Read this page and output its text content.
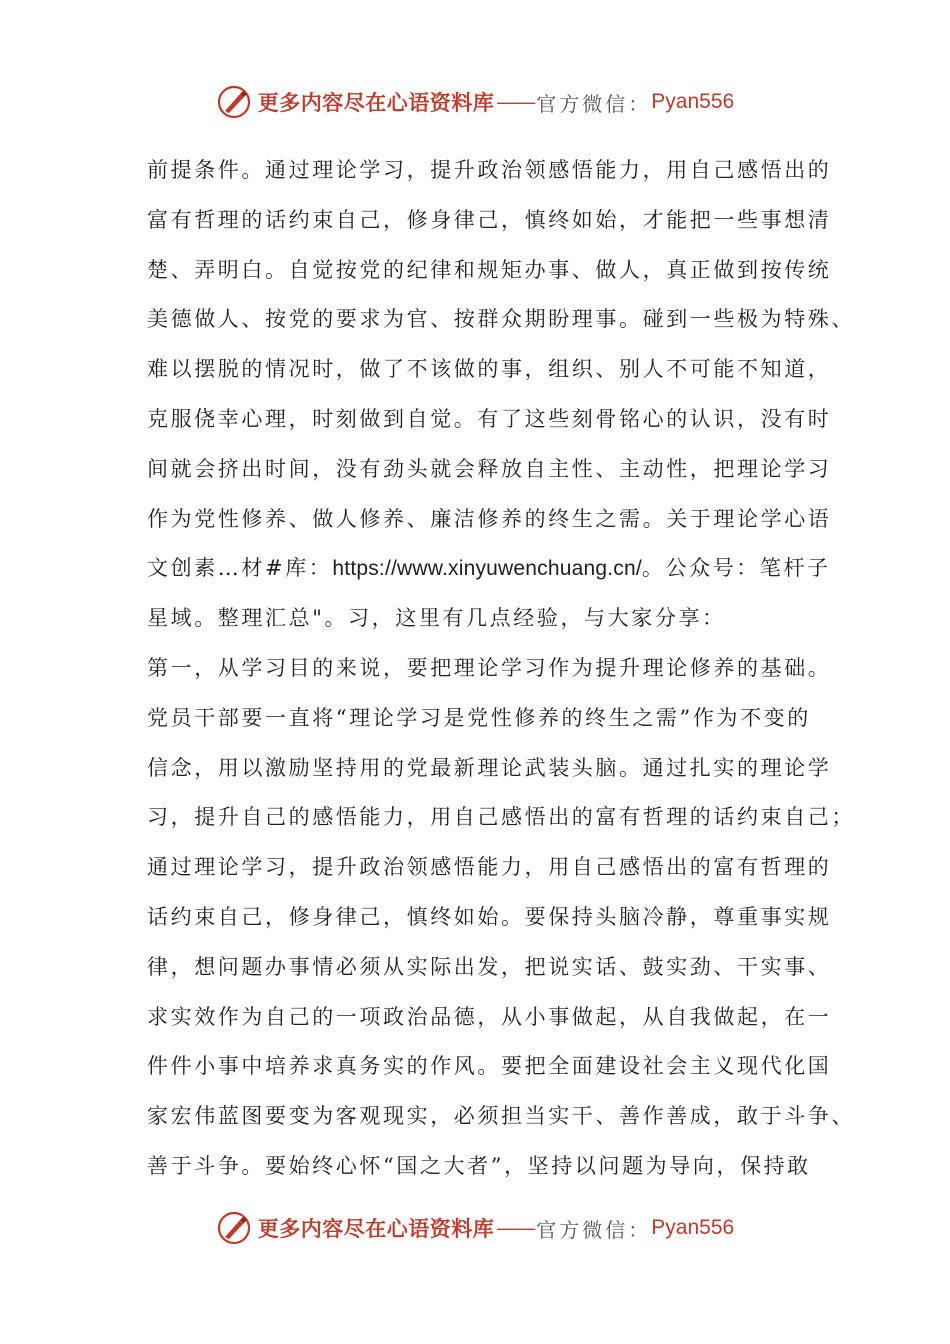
更多内容尽在心语资料库 —— 官方微信： Pyan556
前提条件。通过理论学习，提升政治领感悟能力，用自己感悟出的
富有哲理的话约束自己，修身律己，慎终如始，才能把一些事想清
楚、弄明白。自觉按党的纪律和规矩办事、做人，真正做到按传统
美德做人、按党的要求为官、按群众期盼理事。碰到一些极为特殊、
难以摆脱的情况时，做了不该做的事，组织、别人不可能不知道，
克服侥幸心理，时刻做到自觉。有了这些刻骨铭心的认识，没有时
间就会挤出时间，没有劲头就会释放自主性、主动性，把理论学习
作为党性修养、做人修养、廉洁修养的终生之需。关于理论学心语
文创素…材#库：https://www.xinyuwenchuang.cn/。公众号：笔杆子
星域。整理汇总"。习，这里有几点经验，与大家分享：
第一，从学习目的来说，要把理论学习作为提升理论修养的基础。
党员干部要一直将“理论学习是党性修养的终生之需”作为不变的
信念，用以激励坚持用的党最新理论武装头脑。通过扎实的理论学
习，提升自己的感悟能力，用自己感悟出的富有哲理的话约束自己；
通过理论学习，提升政治领感悟能力，用自己感悟出的富有哲理的
话约束自己，修身律己，慎终如始。要保持头脑冷静，尊重事实规
律，想问题办事情必须从实际出发，把说实话、鼓实劲、干实事、
求实效作为自己的一项政治品德，从小事做起，从自我做起，在一
件件小事中培养求真务实的作风。要把全面建设社会主义现代化国
家宏伟蓝图要变为客观现实，必须担当实干、善作善成，敢于斗争、
善于斗争。要始终心怀“国之大者”，坚持以问题为导向，保持敢
更多内容尽在心语资料库 —— 官方微信： Pyan556
